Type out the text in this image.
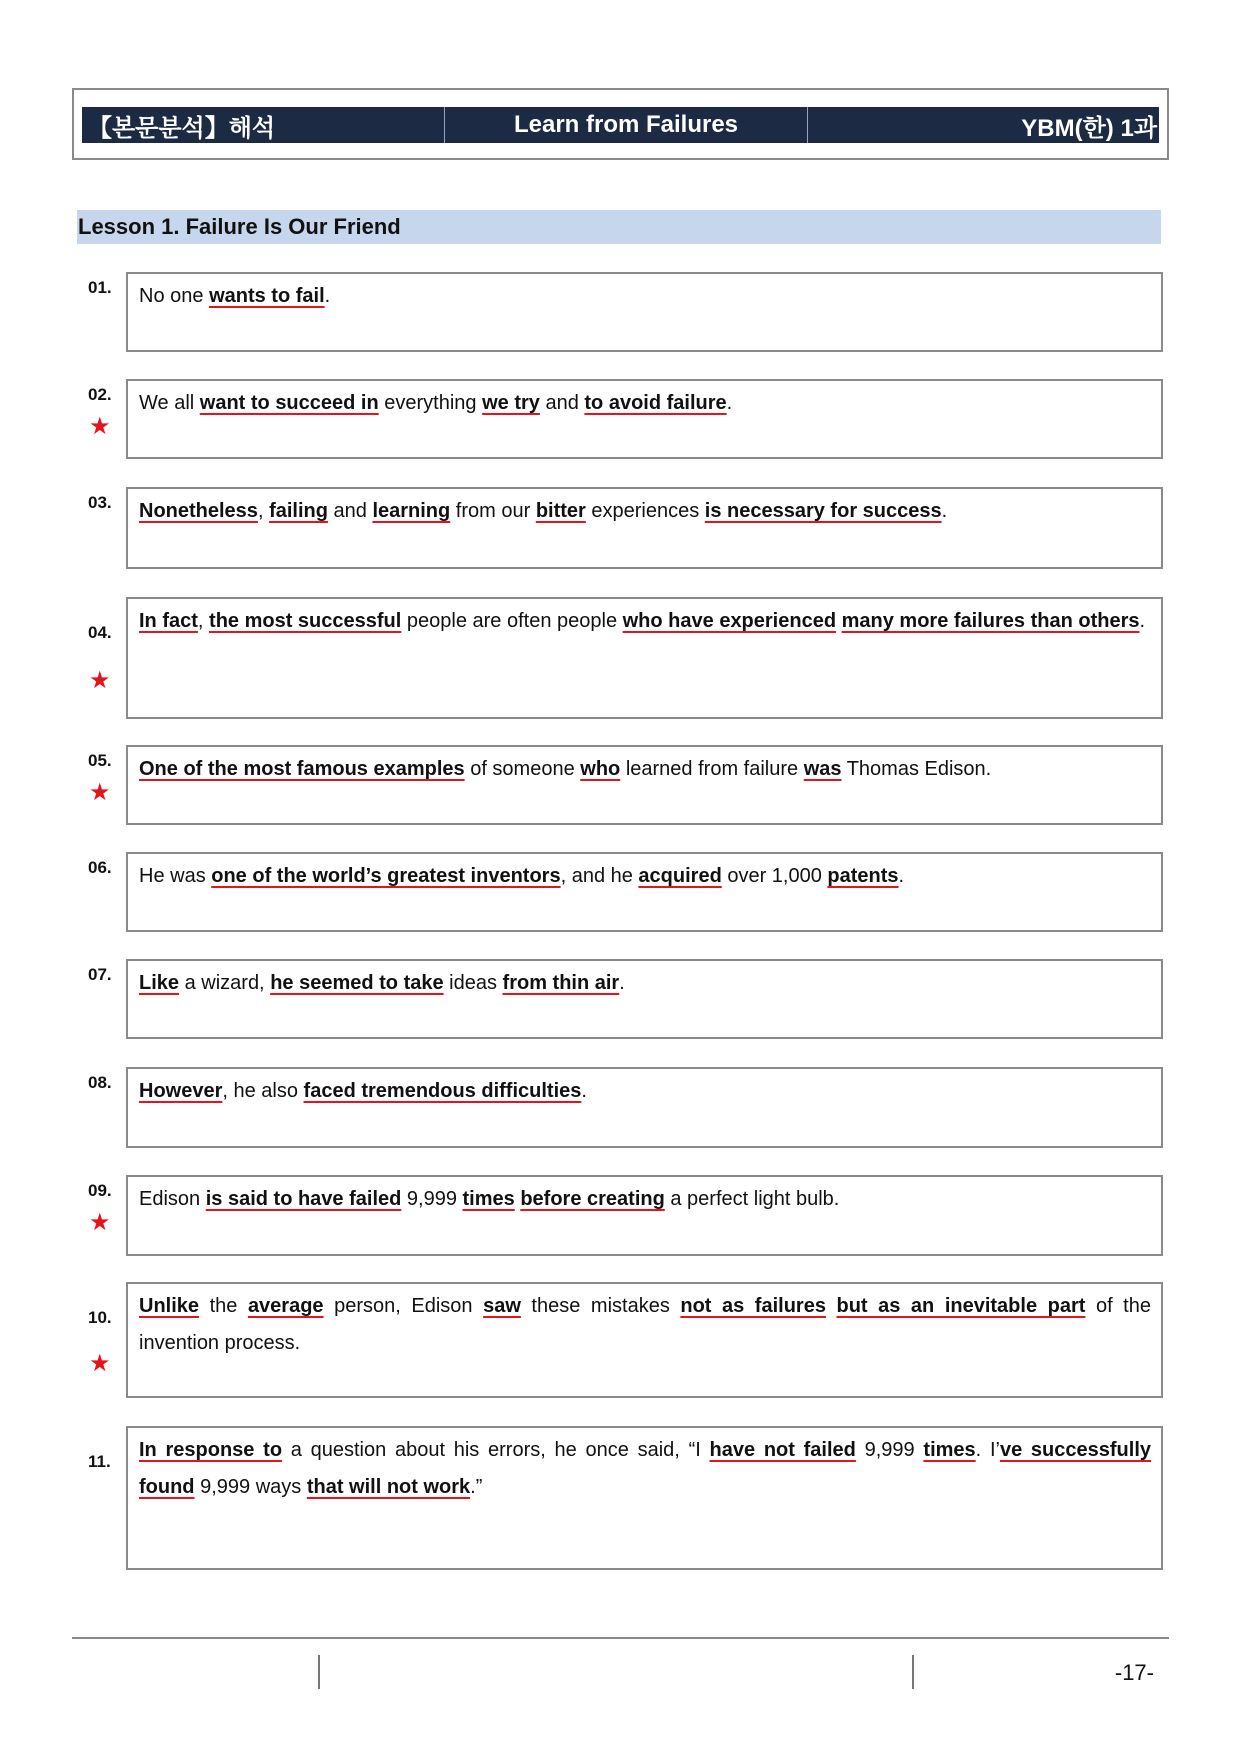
【본문분석】해석	Learn from Failures	YBM(한) 1과
Lesson 1. Failure Is Our Friend
01.	No one wants to fail.
02.
★
We all want to succeed in everything we try and to avoid failure.
03.	Nonetheless, failing and learning from our bitter experiences is necessary for success.
04.
★
In fact, the most successful people are often people who have experienced many more failures than others.
05.
★
One of the most famous examples of someone who learned from failure was Thomas Edison.
06.	He was one of the world’s greatest inventors, and he acquired over 1,000 patents.
07.	Like a wizard, he seemed to take ideas from thin air.
08.	However, he also faced tremendous difficulties.
09.
★
Edison is said to have failed 9,999 times before creating a perfect light bulb.
10.
★
Unlike the average person, Edison saw these mistakes not as failures but as an inevitable part of the invention process.
11.
In response to a question about his errors, he once said, “I have not failed 9,999 times. I’ve successfully found 9,999 ways that will not work.”
-17-
